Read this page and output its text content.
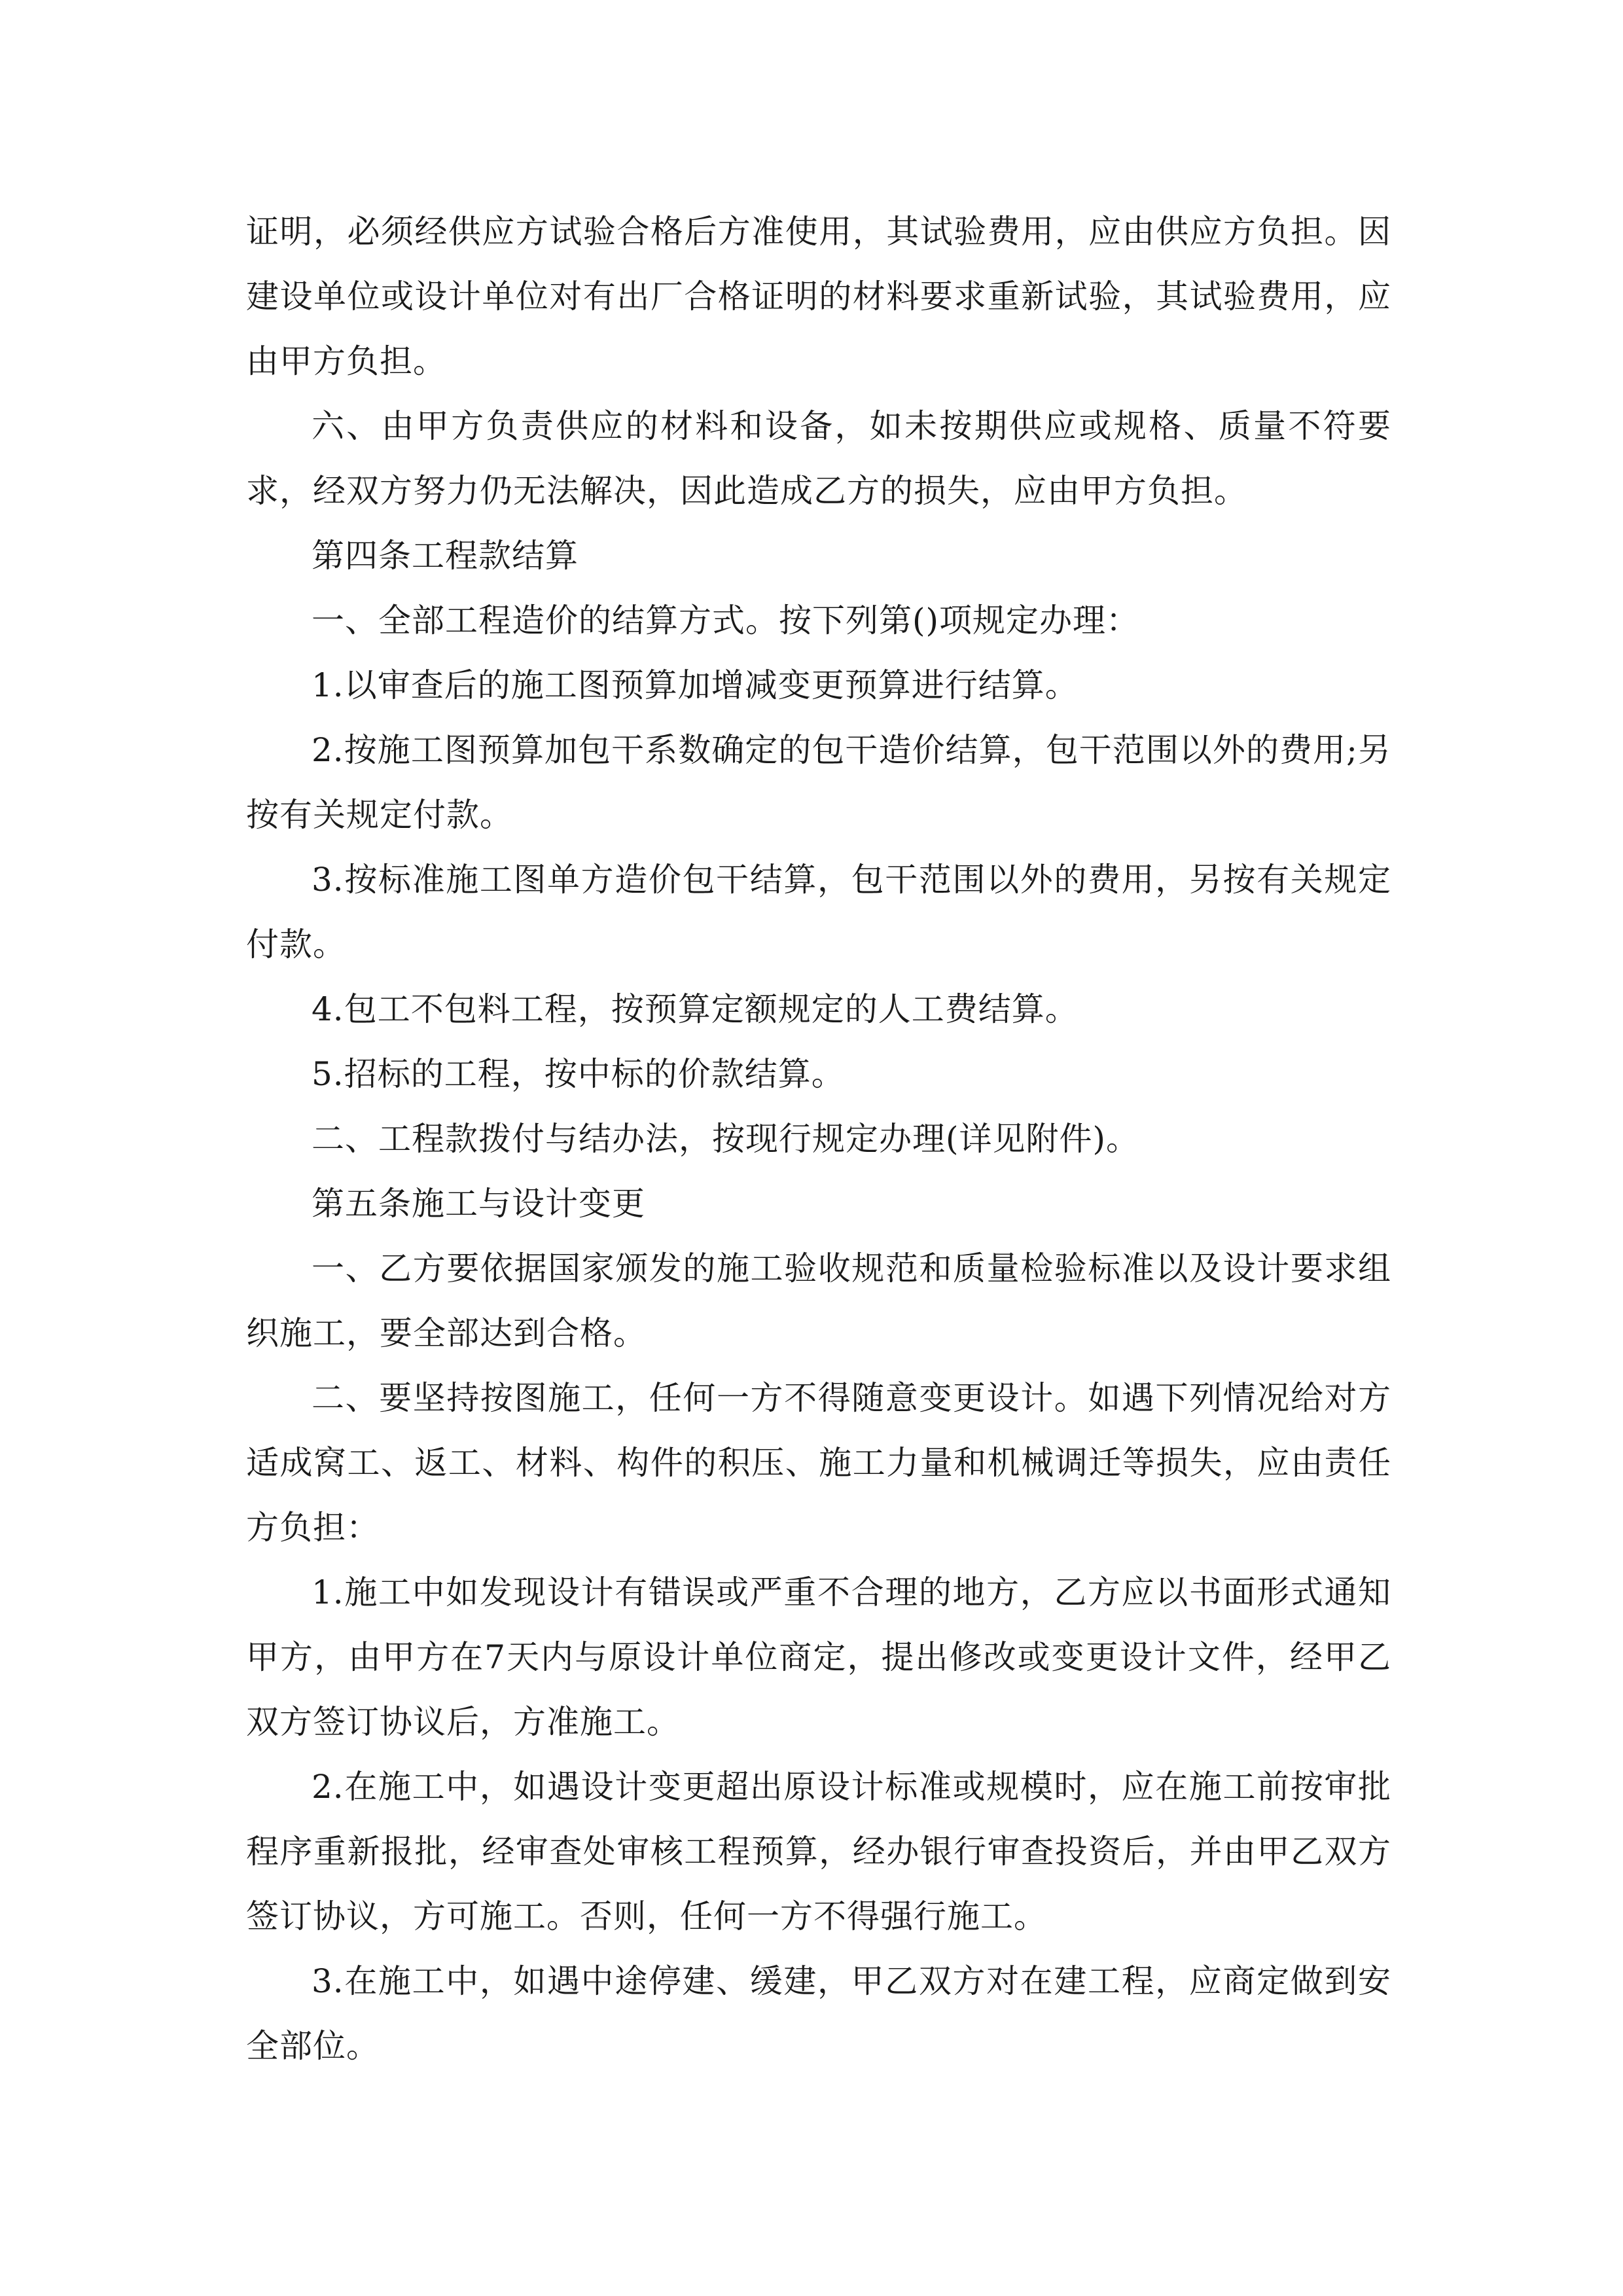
证明，必须经供应方试验合格后方准使用，其试验费用，应由供应方负担。因建设单位或设计单位对有出厂合格证明的材料要求重新试验，其试验费用，应由甲方负担。

六、由甲方负责供应的材料和设备，如未按期供应或规格、质量不符要求，经双方努力仍无法解决，因此造成乙方的损失，应由甲方负担。

第四条工程款结算

一、全部工程造价的结算方式。按下列第()项规定办理：

1.以审查后的施工图预算加增减变更预算进行结算。

2.按施工图预算加包干系数确定的包干造价结算，包干范围以外的费用;另按有关规定付款。

3.按标准施工图单方造价包干结算，包干范围以外的费用，另按有关规定付款。

4.包工不包料工程，按预算定额规定的人工费结算。

5.招标的工程，按中标的价款结算。

二、工程款拨付与结办法，按现行规定办理(详见附件)。

第五条施工与设计变更

一、乙方要依据国家颁发的施工验收规范和质量检验标准以及设计要求组织施工，要全部达到合格。

二、要坚持按图施工，任何一方不得随意变更设计。如遇下列情况给对方适成窝工、返工、材料、构件的积压、施工力量和机械调迁等损失，应由责任方负担：

1.施工中如发现设计有错误或严重不合理的地方，乙方应以书面形式通知甲方，由甲方在7天内与原设计单位商定，提出修改或变更设计文件，经甲乙双方签订协议后，方准施工。

2.在施工中，如遇设计变更超出原设计标准或规模时，应在施工前按审批程序重新报批，经审查处审核工程预算，经办银行审查投资后，并由甲乙双方签订协议，方可施工。否则，任何一方不得强行施工。

3.在施工中，如遇中途停建、缓建，甲乙双方对在建工程，应商定做到安全部位。
